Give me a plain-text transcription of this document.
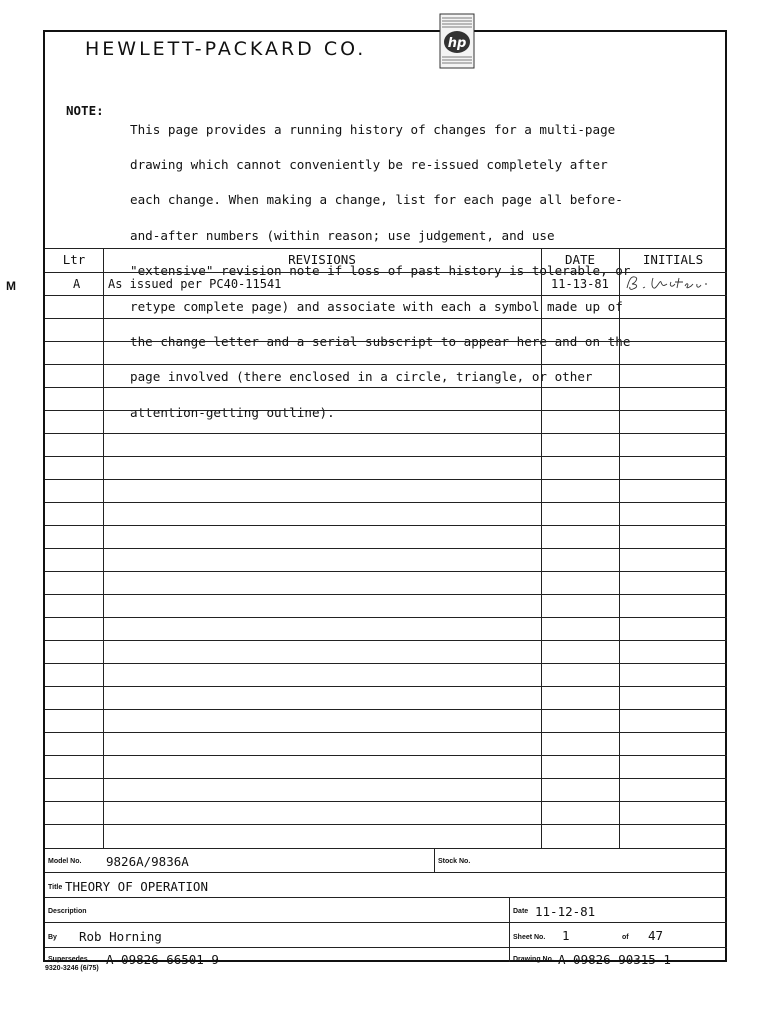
HEWLETT-PACKARD CO.	hp
NOTE:

This page provides a running history of changes for a multi-page

drawing which cannot conveniently be re-issued completely after

each change. When making a change, list for each page all before-

and-after numbers (within reason; use judgement, and use

"extensive" revision note if loss of past history is tolerable, or

retype complete page) and associate with each a symbol made up of

the change letter and a serial subscript to appear here and on the

page involved (there enclosed in a circle, triangle, or other

attention-getting outline).

M
Ltr	REVISIONS	DATE	INITIALS
A As issued per PC40-11541	11-13-81
Model No. 9826A/9836A	Stock No.
Title THEORY OF OPERATION
Description	Date 11-12-81
By Rob Horning	Sheet No. 1	of 47
Supersedes A-09826-66501-9	Drawing No. A-09826-90315-1
9320-3246 (6/75)
